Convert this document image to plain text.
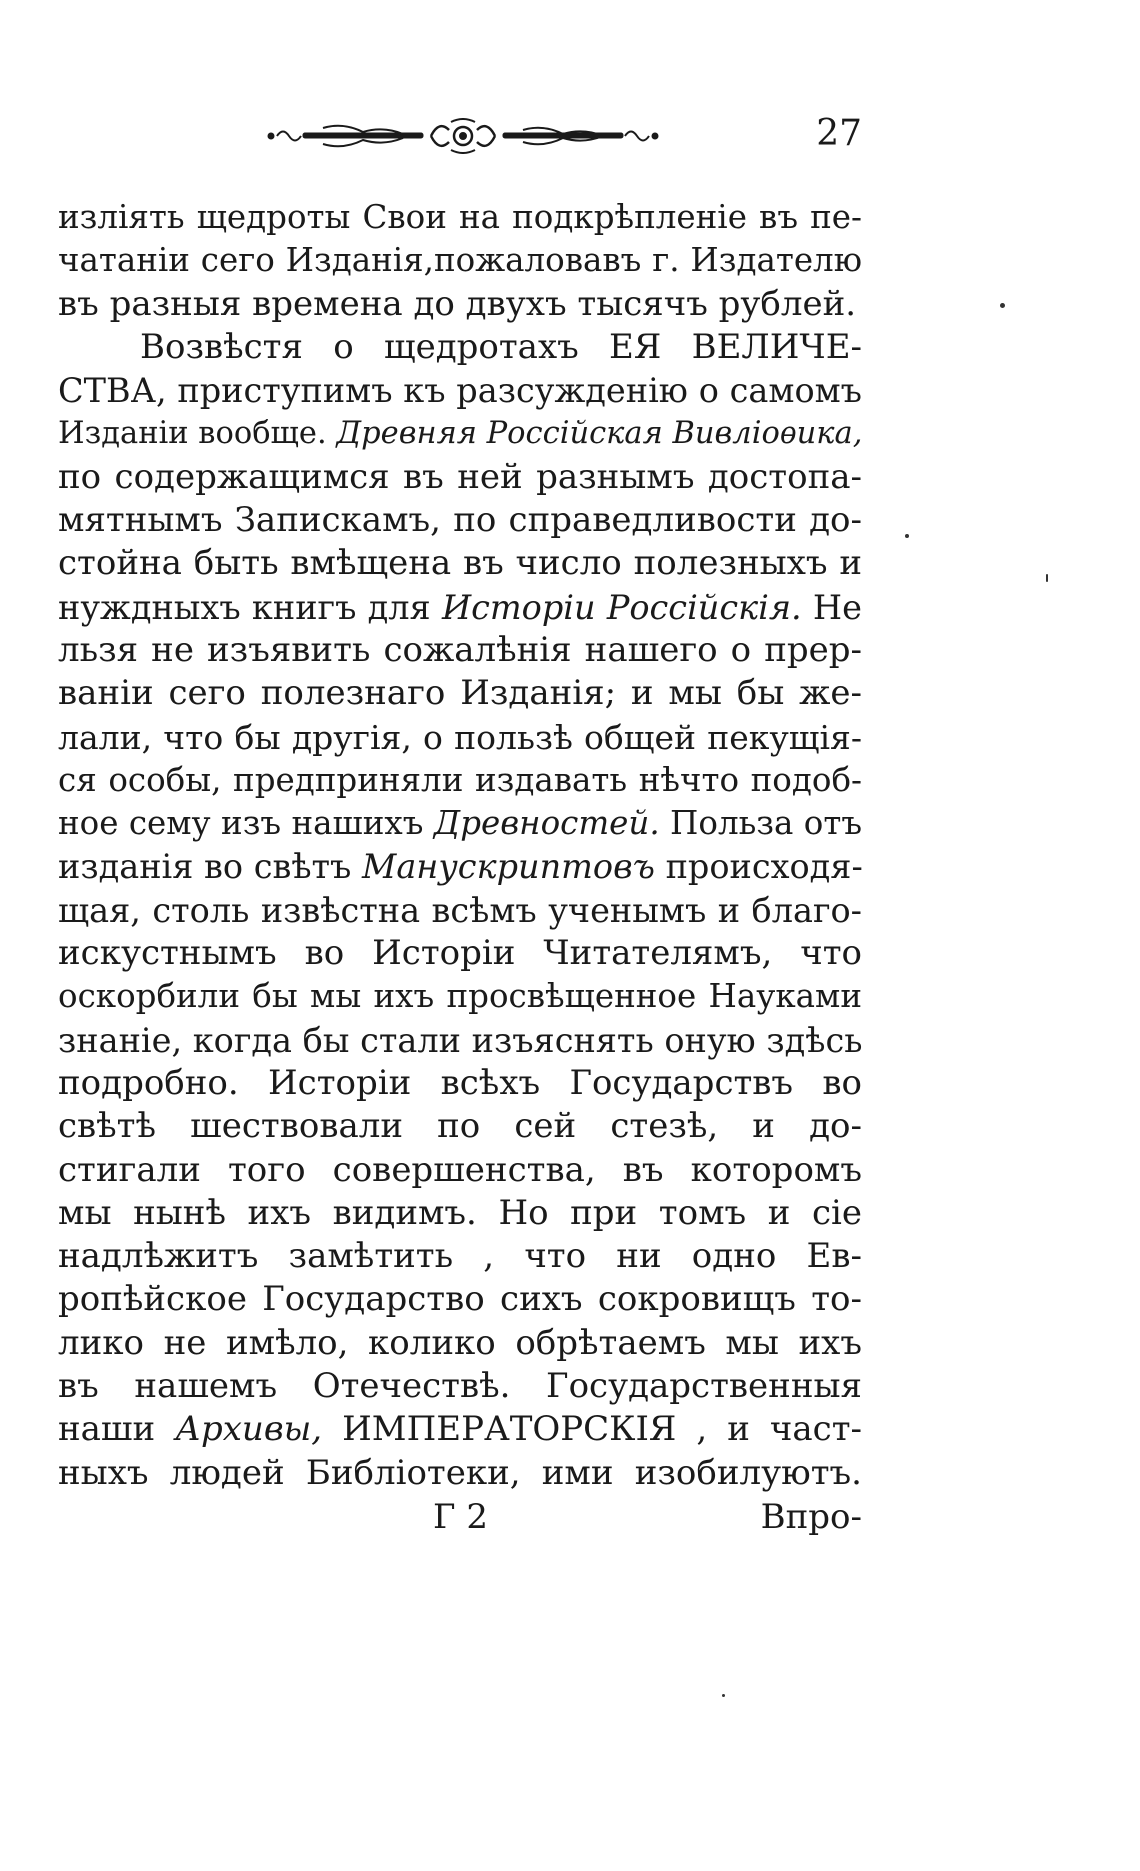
27
излiять щедроты Свои на подкрѣпленiе въ пе-
чатанiи сего Изданiя,пожаловавъ г. Издателю
въ разныя времена до двухъ тысячъ рублей.
Возвѣстя о щедротахъ ЕЯ ВЕЛИЧЕ-
СТВА, приступимъ къ разсужденiю о самомъ
Изданiи вообще. Древняя Россiйская Вивлiоѳика,
по содержащимся въ ней разнымъ достопа-
мятнымъ Запискамъ, по справедливости до-
стойна быть вмѣщена въ число полезныхъ и
нуждныхъ книгъ для Исторiи Россiйскiя. Не
льзя не изъявить сожалѣнiя нашего о прер-
ванiи сего полезнаго Изданiя; и мы бы же-
лали, что бы другiя, о пользѣ общей пекущiя-
ся особы, предприняли издавать нѣчто подоб-
ное сему изъ нашихъ Древностей. Польза отъ
изданiя во свѣтъ Манускриптовъ происходя-
щая, столь извѣстна всѣмъ ученымъ и благо-
искустнымъ во Исторiи Читателямъ, что
оскорбили бы мы ихъ просвѣщенное Науками
знанiе, когда бы стали изъяснять оную здѣсь
подробно. Исторiи всѣхъ Государствъ во
свѣтѣ шествовали по сей стезѣ, и до-
стигали того совершенства, въ которомъ
мы нынѣ ихъ видимъ. Но при томъ и сiе
надлѣжитъ замѣтить , что ни одно Ев-
ропѣйское Государство сихъ сокровищъ то-
лико не имѣло, колико обрѣтаемъ мы ихъ
въ нашемъ Отечествѣ. Государственныя
наши Архивы, ИМПЕРАТОРСКIЯ , и част-
ныхъ людей Библiотеки, ими изобилуютъ.
Г 2	Впро-
